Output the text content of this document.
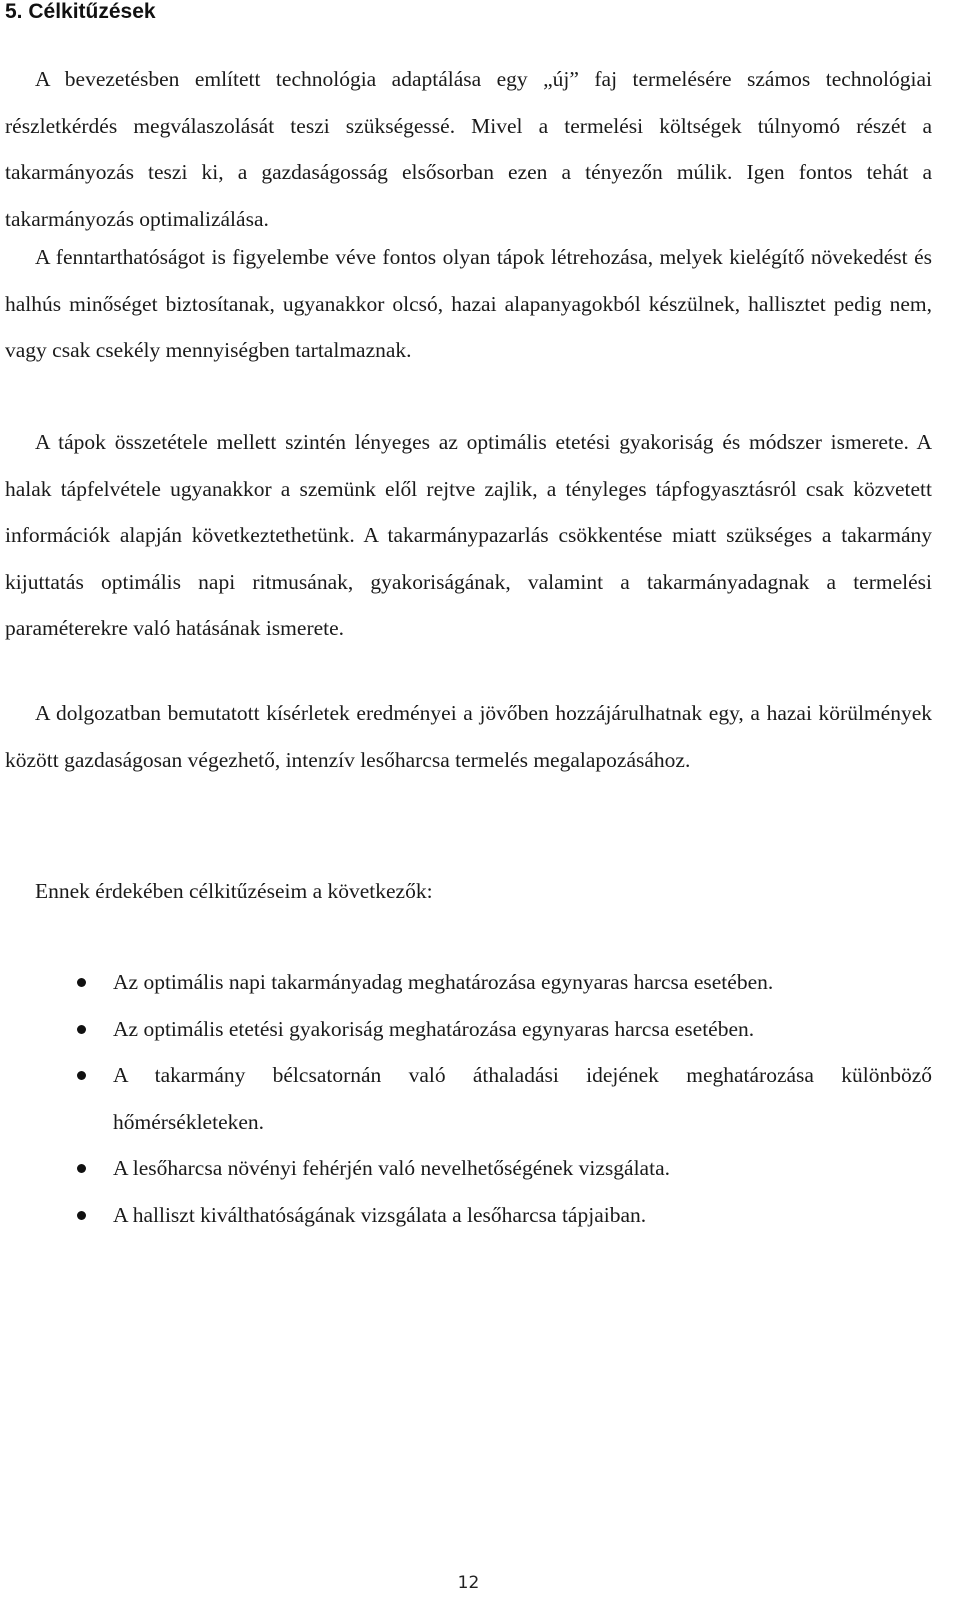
5. Célkitűzések

A bevezetésben említett technológia adaptálása egy „új” faj termelésére számos technológiai részletkérdés megválaszolását teszi szükségessé. Mivel a termelési költségek túlnyomó részét a takarmányozás teszi ki, a gazdaságosság elsősorban ezen a tényezőn múlik. Igen fontos tehát a takarmányozás optimalizálása.

A fenntarthatóságot is figyelembe véve fontos olyan tápok létrehozása, melyek kielégítő növekedést és halhús minőséget biztosítanak, ugyanakkor olcsó, hazai alapanyagokból készülnek, hallisztet pedig nem, vagy csak csekély mennyiségben tartalmaznak.

A tápok összetétele mellett szintén lényeges az optimális etetési gyakoriság és módszer ismerete. A halak tápfelvétele ugyanakkor a szemünk elől rejtve zajlik, a tényleges tápfogyasztásról csak közvetett információk alapján következtethetünk. A takarmánypazarlás csökkentése miatt szükséges a takarmány kijuttatás optimális napi ritmusának, gyakoriságának, valamint a takarmányadagnak a termelési paraméterekre való hatásának ismerete.

A dolgozatban bemutatott kísérletek eredményei a jövőben hozzájárulhatnak egy, a hazai körülmények között gazdaságosan végezhető, intenzív lesőharcsa termelés megalapozásához.

Ennek érdekében célkitűzéseim a következők:

Az optimális napi takarmányadag meghatározása egynyaras harcsa esetében.
Az optimális etetési gyakoriság meghatározása egynyaras harcsa esetében.
A takarmány bélcsatornán való áthaladási idejének meghatározása különböző hőmérsékleteken.
A lesőharcsa növényi fehérjén való nevelhetőségének vizsgálata.
A halliszt kiválthatóságának vizsgálata a lesőharcsa tápjaiban.
12
